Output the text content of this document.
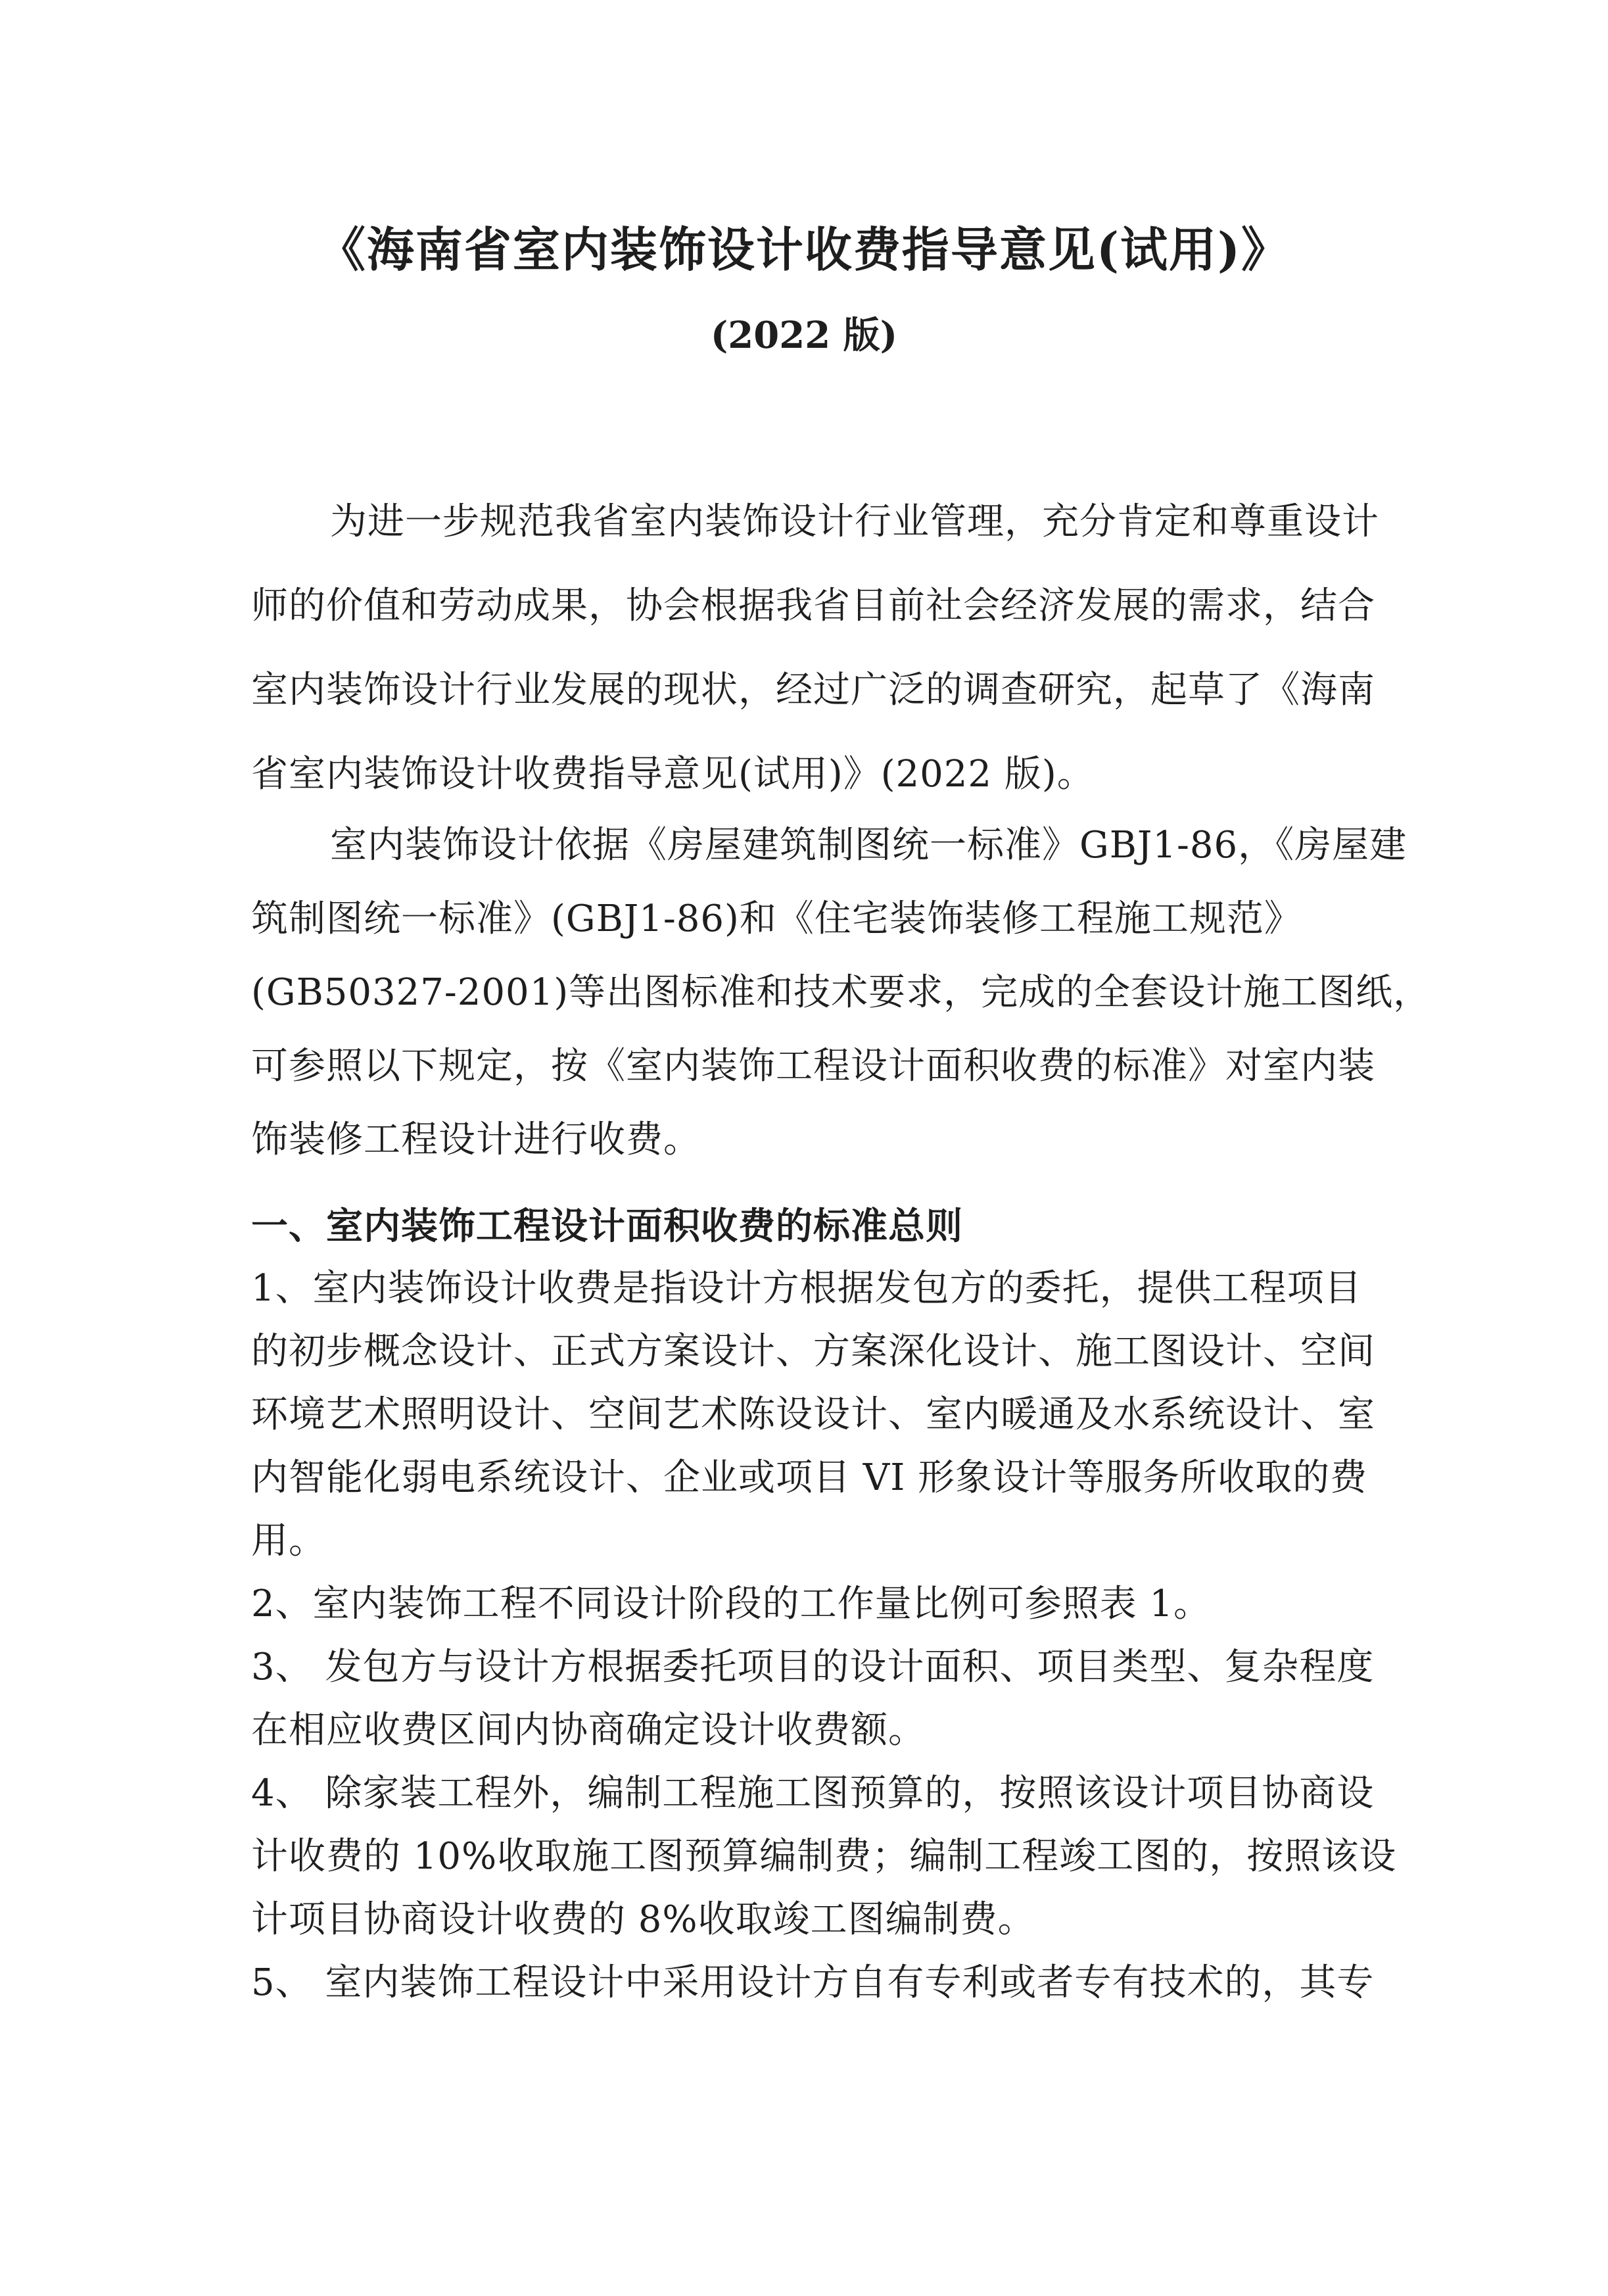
《海南省室内装饰设计收费指导意见(试用)》
(2022 版)
为进一步规范我省室内装饰设计行业管理，充分肯定和尊重设计
师的价值和劳动成果，协会根据我省目前社会经济发展的需求，结合
室内装饰设计行业发展的现状，经过广泛的调查研究，起草了《海南
省室内装饰设计收费指导意见(试用)》(2022 版)。
室内装饰设计依据《房屋建筑制图统一标准》GBJ1-86，《房屋建
筑制图统一标准》(GBJ1-86)和《住宅装饰装修工程施工规范》
(GB50327-2001)等出图标准和技术要求，完成的全套设计施工图纸，
可参照以下规定，按《室内装饰工程设计面积收费的标准》对室内装
饰装修工程设计进行收费。
一、室内装饰工程设计面积收费的标准总则
1、室内装饰设计收费是指设计方根据发包方的委托，提供工程项目
的初步概念设计、正式方案设计、方案深化设计、施工图设计、空间
环境艺术照明设计、空间艺术陈设设计、室内暖通及水系统设计、室
内智能化弱电系统设计、企业或项目 VI 形象设计等服务所收取的费
用。
2、室内装饰工程不同设计阶段的工作量比例可参照表 1。
3、 发包方与设计方根据委托项目的设计面积、项目类型、复杂程度
在相应收费区间内协商确定设计收费额。
4、 除家装工程外，编制工程施工图预算的，按照该设计项目协商设
计收费的 10%收取施工图预算编制费；编制工程竣工图的，按照该设
计项目协商设计收费的 8%收取竣工图编制费。
5、 室内装饰工程设计中采用设计方自有专利或者专有技术的，其专
